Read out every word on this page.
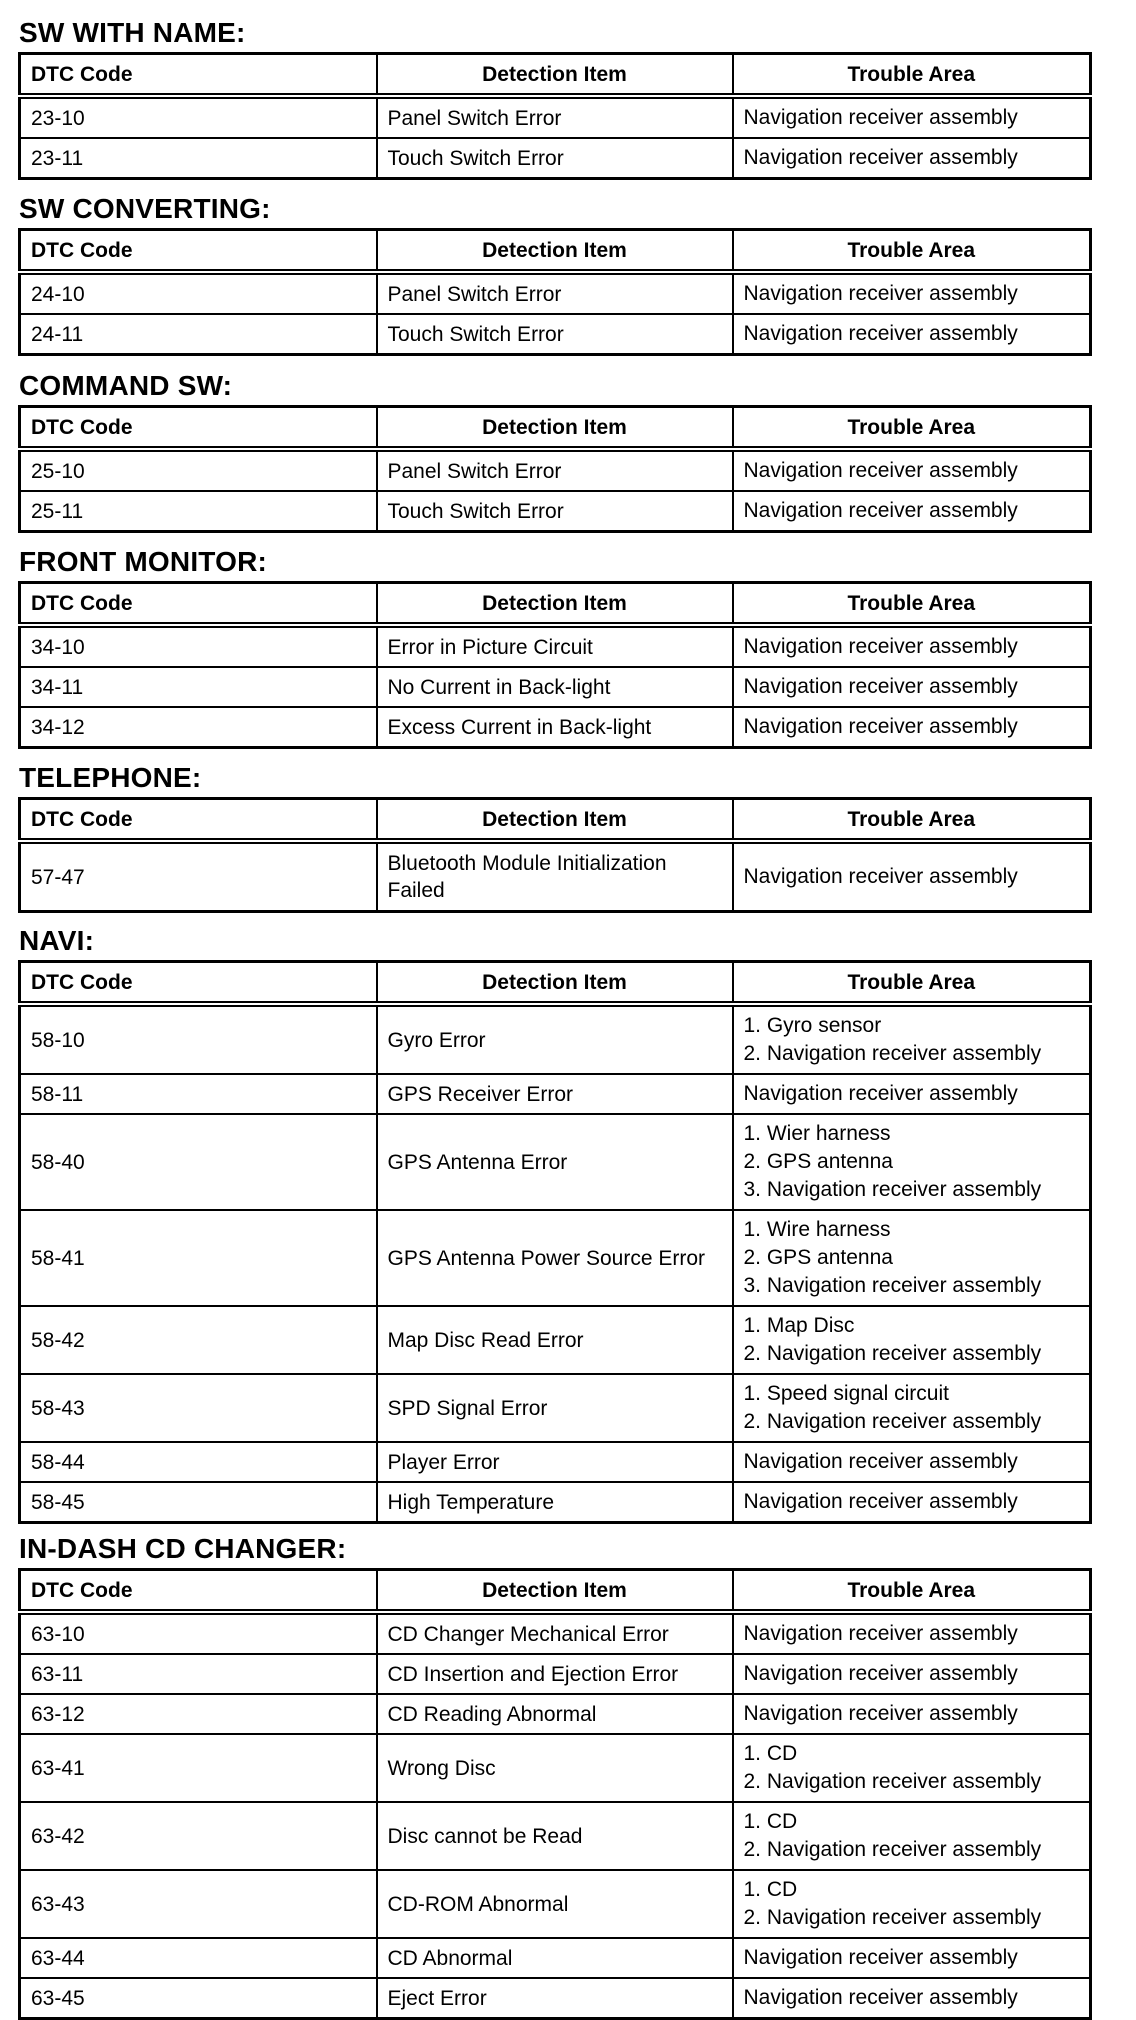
SW WITH NAME:
DTC Code	Detection Item	Trouble Area
23-10	Panel Switch Error	Navigation receiver assembly

23-11	Touch Switch Error	Navigation receiver assembly
SW CONVERTING:
DTC Code	Detection Item	Trouble Area
24-10	Panel Switch Error	Navigation receiver assembly

24-11	Touch Switch Error	Navigation receiver assembly
COMMAND SW:
DTC Code	Detection Item	Trouble Area
25-10	Panel Switch Error	Navigation receiver assembly

25-11	Touch Switch Error	Navigation receiver assembly
FRONT MONITOR:
DTC Code	Detection Item	Trouble Area
34-10	Error in Picture Circuit	Navigation receiver assembly

34-11	No Current in Back-light	Navigation receiver assembly

34-12	Excess Current in Back-light	Navigation receiver assembly
TELEPHONE:
DTC Code	Detection Item	Trouble Area
57-47	Bluetooth Module Initialization Failed	Navigation receiver assembly
NAVI:
DTC Code	Detection Item	Trouble Area
58-10	Gyro Error	1. Gyro sensor
2. Navigation receiver assembly

58-11	GPS Receiver Error	Navigation receiver assembly

58-40	GPS Antenna Error	1. Wier harness
2. GPS antenna
3. Navigation receiver assembly

58-41	GPS Antenna Power Source Error	1. Wire harness
2. GPS antenna
3. Navigation receiver assembly

58-42	Map Disc Read Error	1. Map Disc
2. Navigation receiver assembly

58-43	SPD Signal Error	1. Speed signal circuit
2. Navigation receiver assembly

58-44	Player Error	Navigation receiver assembly

58-45	High Temperature	Navigation receiver assembly
IN-DASH CD CHANGER:
DTC Code	Detection Item	Trouble Area
63-10	CD Changer Mechanical Error	Navigation receiver assembly

63-11	CD Insertion and Ejection Error	Navigation receiver assembly

63-12	CD Reading Abnormal	Navigation receiver assembly

63-41	Wrong Disc	1. CD
2. Navigation receiver assembly

63-42	Disc cannot be Read	1. CD
2. Navigation receiver assembly

63-43	CD-ROM Abnormal	1. CD
2. Navigation receiver assembly

63-44	CD Abnormal	Navigation receiver assembly

63-45	Eject Error	Navigation receiver assembly
